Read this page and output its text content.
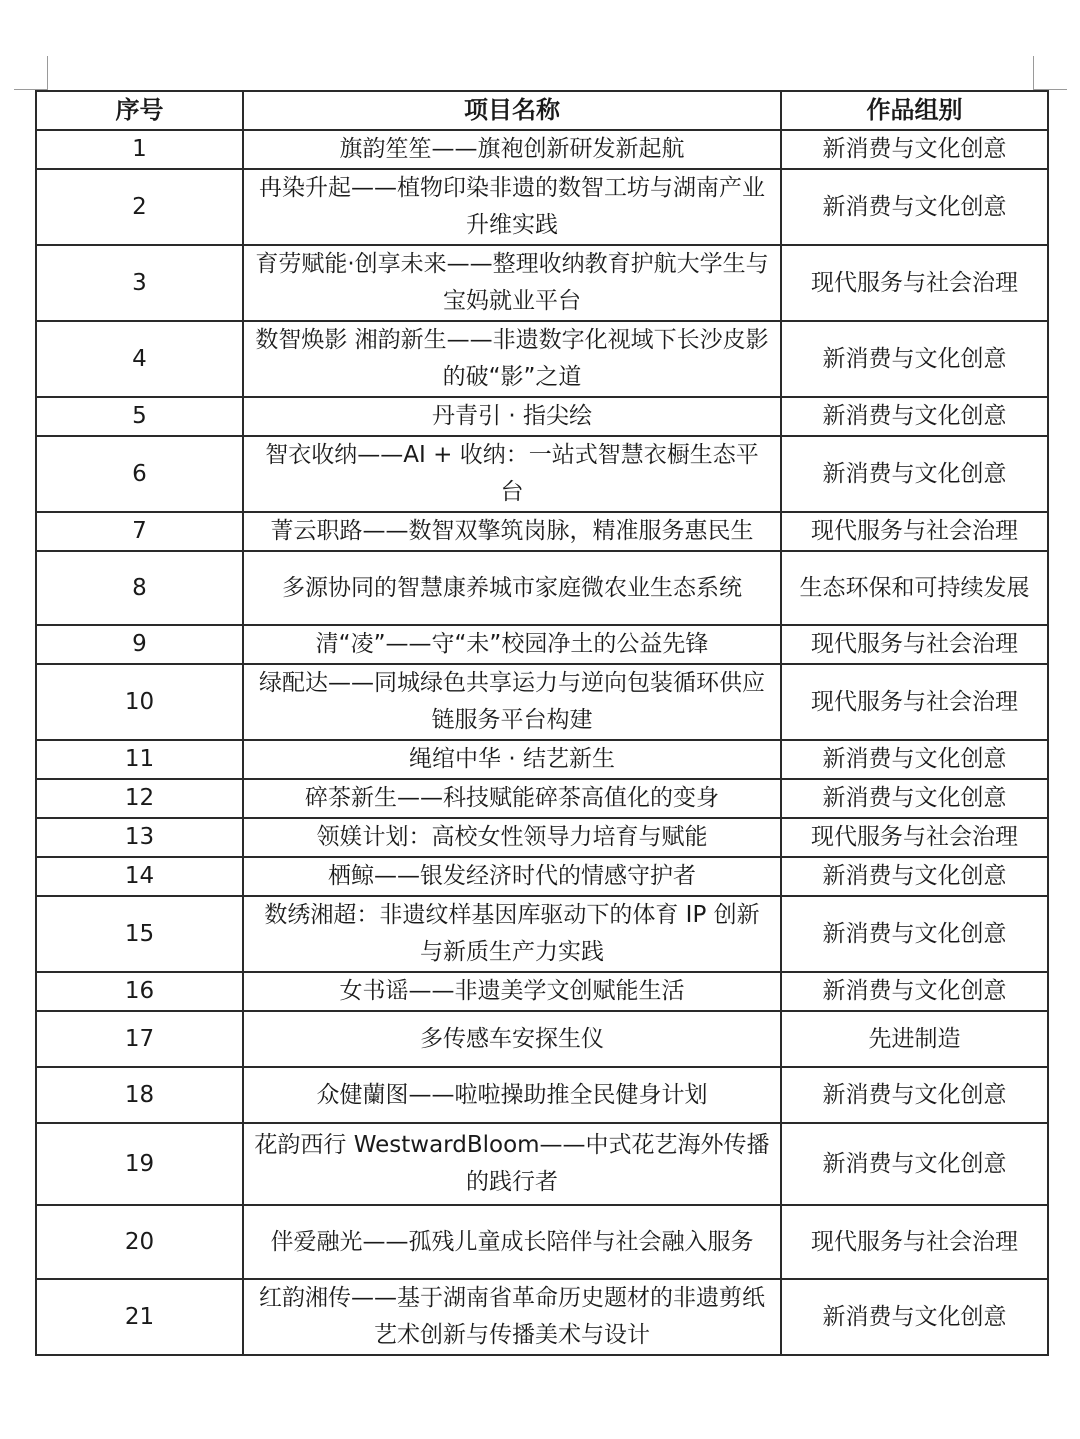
序号	项目名称	作品组别
1	旗韵笙笙——旗袍创新研发新起航	新消费与文化创意
2	冉染升起——植物印染非遗的数智工坊与湖南产业升维实践	新消费与文化创意
3	育劳赋能·创享未来——整理收纳教育护航大学生与宝妈就业平台	现代服务与社会治理
4	数智焕影 湘韵新生——非遗数字化视域下长沙皮影的破“影”之道	新消费与文化创意
5	丹青引 · 指尖绘	新消费与文化创意
6	智衣收纳——AI + 收纳：一站式智慧衣橱生态平台	新消费与文化创意
7	菁云职路——数智双擎筑岗脉，精准服务惠民生	现代服务与社会治理
8	多源协同的智慧康养城市家庭微农业生态系统	生态环保和可持续发展
9	清“凌”——守“未”校园净土的公益先锋	现代服务与社会治理
10	绿配达——同城绿色共享运力与逆向包装循环供应链服务平台构建	现代服务与社会治理
11	绳绾中华 · 结艺新生	新消费与文化创意
12	碎茶新生——科技赋能碎茶高值化的变身	新消费与文化创意
13	领媄计划：高校女性领导力培育与赋能	现代服务与社会治理
14	栖鲸——银发经济时代的情感守护者	新消费与文化创意
15	数绣湘超：非遗纹样基因库驱动下的体育 IP 创新与新质生产力实践	新消费与文化创意
16	女书谣——非遗美学文创赋能生活	新消费与文化创意
17	多传感车安探生仪	先进制造
18	众健蘭图——啦啦操助推全民健身计划	新消费与文化创意
19	花韵西行 WestwardBloom——中式花艺海外传播的践行者	新消费与文化创意
20	伴爱融光——孤残儿童成长陪伴与社会融入服务	现代服务与社会治理
21	红韵湘传——基于湖南省革命历史题材的非遗剪纸艺术创新与传播美术与设计	新消费与文化创意
